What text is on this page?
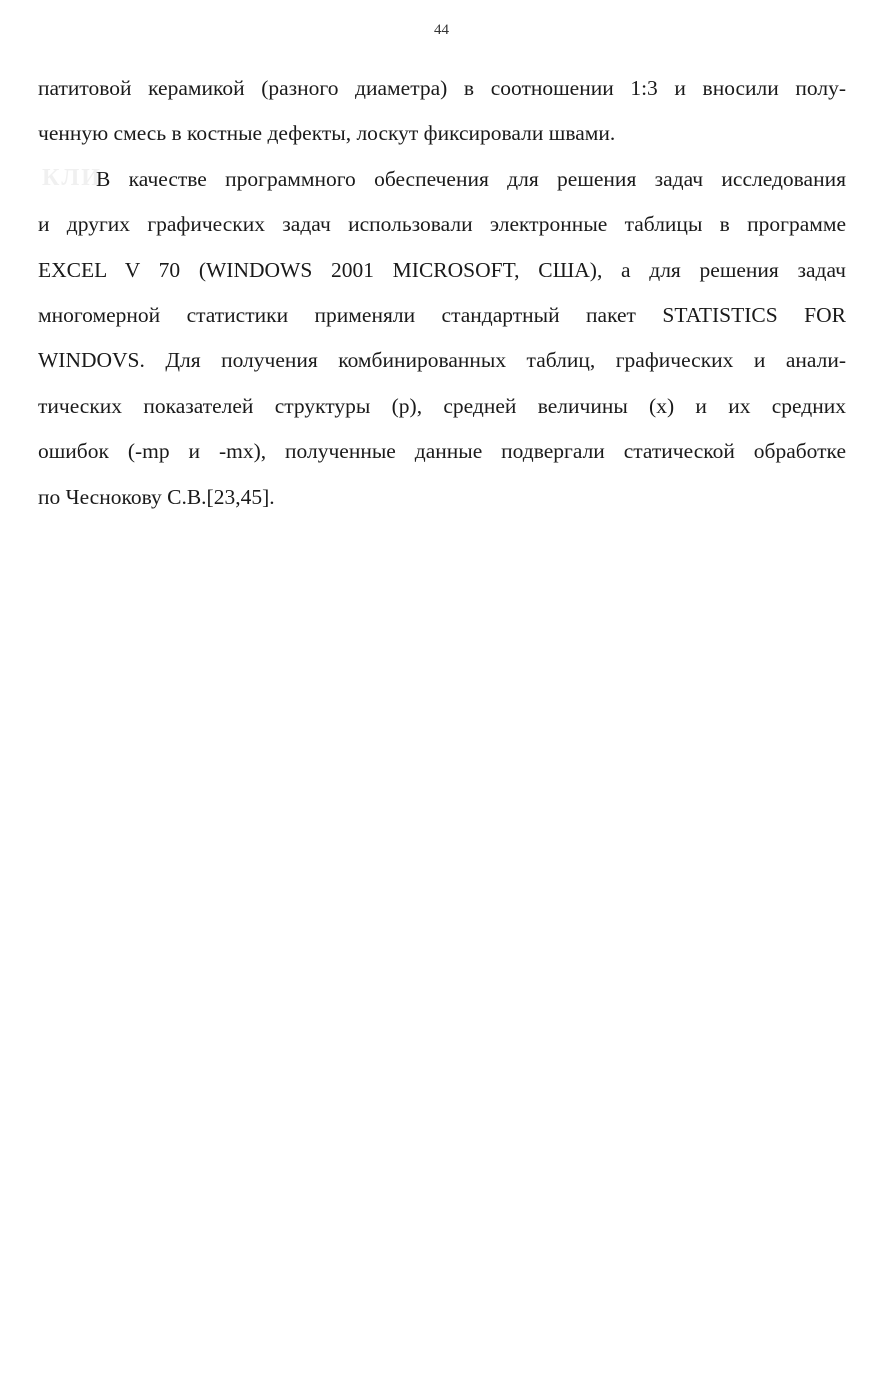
44
КЛИ
патитовой керамикой (разного диаметра) в соотношении 1:3 и вносили полу-
ченную смесь в костные дефекты, лоскут фиксировали швами.
В качестве программного обеспечения для решения задач исследования
и других графических задач использовали электронные таблицы в программе
EXCEL V 70 (WINDOWS 2001 MICROSOFT, США), а для решения задач
многомерной статистики применяли стандартный пакет STATISTICS FOR
WINDOVS. Для получения комбинированных таблиц, графических и анали-
тических показателей структуры (р), средней величины (х) и их средних
ошибок (-mp и -mx), полученные данные подвергали статической обработке
по Чеснокову С.В.[23,45].
